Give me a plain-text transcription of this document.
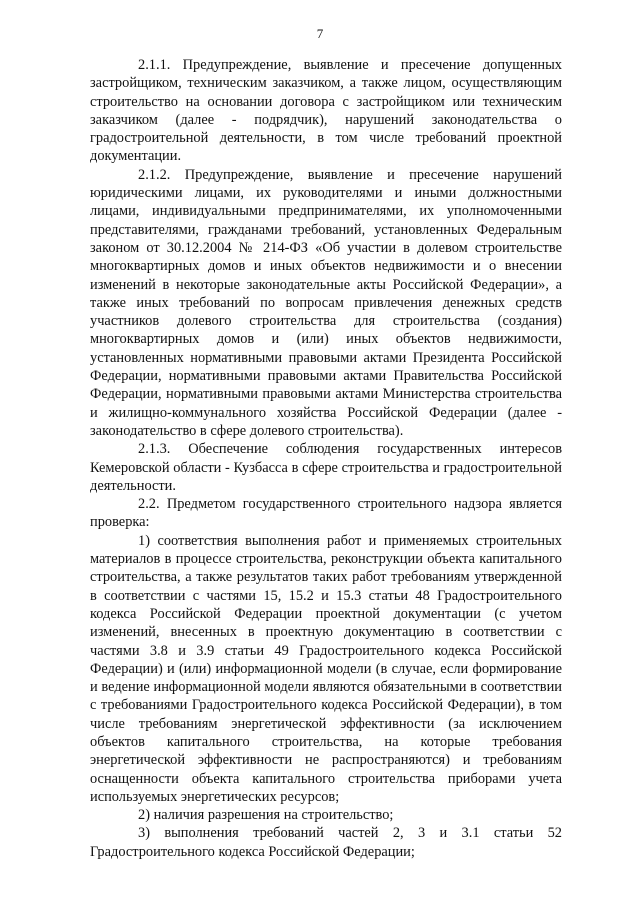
7

2.1.1. Предупреждение, выявление и пресечение допущенных застройщиком, техническим заказчиком, а также лицом, осуществляющим строительство на основании договора с застройщиком или техническим заказчиком (далее - подрядчик), нарушений законодательства о градостроительной деятельности, в том числе требований проектной документации.

2.1.2. Предупреждение, выявление и пресечение нарушений юридическими лицами, их руководителями и иными должностными лицами, индивидуальными предпринимателями, их уполномоченными представителями, гражданами требований, установленных Федеральным законом от 30.12.2004 № 214-ФЗ «Об участии в долевом строительстве многоквартирных домов и иных объектов недвижимости и о внесении изменений в некоторые законодательные акты Российской Федерации», а также иных требований по вопросам привлечения денежных средств участников долевого строительства для строительства (создания) многоквартирных домов и (или) иных объектов недвижимости, установленных нормативными правовыми актами Президента Российской Федерации, нормативными правовыми актами Правительства Российской Федерации, нормативными правовыми актами Министерства строительства и жилищно-коммунального хозяйства Российской Федерации (далее - законодательство в сфере долевого строительства).

2.1.3. Обеспечение соблюдения государственных интересов Кемеровской области - Кузбасса в сфере строительства и градостроительной деятельности.

2.2. Предметом государственного строительного надзора является проверка:

1) соответствия выполнения работ и применяемых строительных материалов в процессе строительства, реконструкции объекта капитального строительства, а также результатов таких работ требованиям утвержденной в соответствии с частями 15, 15.2 и 15.3 статьи 48 Градостроительного кодекса Российской Федерации проектной документации (с учетом изменений, внесенных в проектную документацию в соответствии с частями 3.8 и 3.9 статьи 49 Градостроительного кодекса Российской Федерации) и (или) информационной модели (в случае, если формирование и ведение информационной модели являются обязательными в соответствии с требованиями Градостроительного кодекса Российской Федерации), в том числе требованиям энергетической эффективности (за исключением объектов капитального строительства, на которые требования энергетической эффективности не распространяются) и требованиям оснащенности объекта капитального строительства приборами учета используемых энергетических ресурсов;

2) наличия разрешения на строительство;

3) выполнения требований частей 2, 3 и 3.1 статьи 52 Градостроительного кодекса Российской Федерации;
